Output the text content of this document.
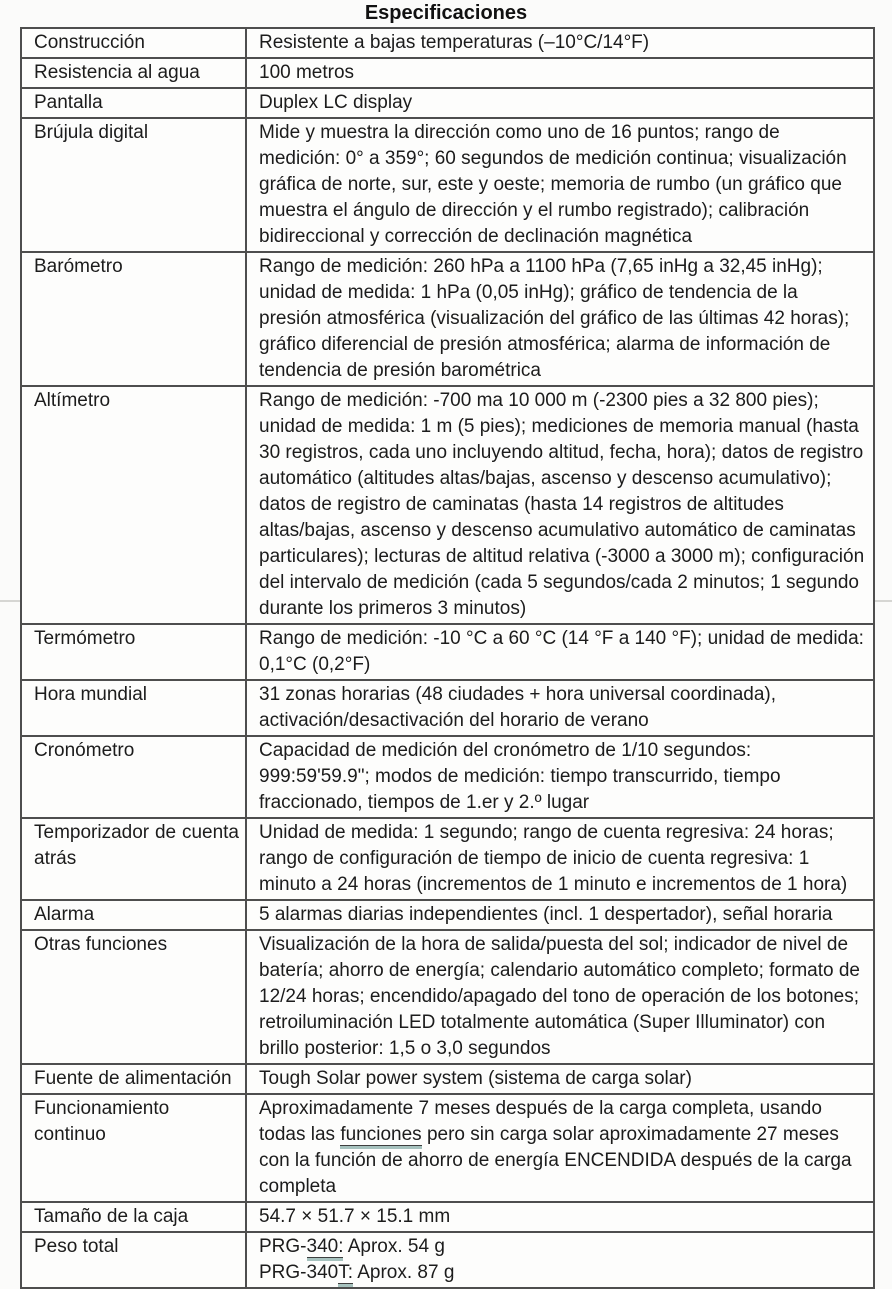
Especificaciones
Construcción	Resistente a bajas temperaturas (–10°C/14°F)
Resistencia al agua	100 metros
Pantalla	Duplex LC display
Brújula digital	Mide y muestra la dirección como uno de 16 puntos; rango de medición: 0° a 359°; 60 segundos de medición continua; visualización gráfica de norte, sur, este y oeste; memoria de rumbo (un gráfico que muestra el ángulo de dirección y el rumbo registrado); calibración bidireccional y corrección de declinación magnética
Barómetro	Rango de medición: 260 hPa a 1100 hPa (7,65 inHg a 32,45 inHg); unidad de medida: 1 hPa (0,05 inHg); gráfico de tendencia de la presión atmosférica (visualización del gráfico de las últimas 42 horas); gráfico diferencial de presión atmosférica; alarma de información de tendencia de presión barométrica
Altímetro	Rango de medición: -700 ma 10 000 m (-2300 pies a 32 800 pies); unidad de medida: 1 m (5 pies); mediciones de memoria manual (hasta 30 registros, cada uno incluyendo altitud, fecha, hora); datos de registro automático (altitudes altas/bajas, ascenso y descenso acumulativo); datos de registro de caminatas (hasta 14 registros de altitudes altas/bajas, ascenso y descenso acumulativo automático de caminatas particulares); lecturas de altitud relativa (-3000 a 3000 m); configuración del intervalo de medición (cada 5 segundos/cada 2 minutos; 1 segundo durante los primeros 3 minutos)
Termómetro	Rango de medición: -10 °C a 60 °C (14 °F a 140 °F); unidad de medida: 0,1°C (0,2°F)
Hora mundial	31 zonas horarias (48 ciudades + hora universal coordinada), activación/desactivación del horario de verano
Cronómetro	Capacidad de medición del cronómetro de 1/10 segundos: 999:59'59.9"; modos de medición: tiempo transcurrido, tiempo fraccionado, tiempos de 1.er y 2.º lugar
Temporizador de cuenta atrás	Unidad de medida: 1 segundo; rango de cuenta regresiva: 24 horas; rango de configuración de tiempo de inicio de cuenta regresiva: 1 minuto a 24 horas (incrementos de 1 minuto e incrementos de 1 hora)
Alarma	5 alarmas diarias independientes (incl. 1 despertador), señal horaria
Otras funciones	Visualización de la hora de salida/puesta del sol; indicador de nivel de batería; ahorro de energía; calendario automático completo; formato de 12/24 horas; encendido/apagado del tono de operación de los botones; retroiluminación LED totalmente automática (Super Illuminator) con brillo posterior: 1,5 o 3,0 segundos
Fuente de alimentación	Tough Solar power system (sistema de carga solar)
Funcionamiento continuo	Aproximadamente 7 meses después de la carga completa, usando todas las funciones pero sin carga solar aproximadamente 27 meses con la función de ahorro de energía ENCENDIDA después de la carga completa
Tamaño de la caja	54.7 × 51.7 × 15.1 mm
Peso total	PRG-340: Aprox. 54 g
PRG-340T: Aprox. 87 g
